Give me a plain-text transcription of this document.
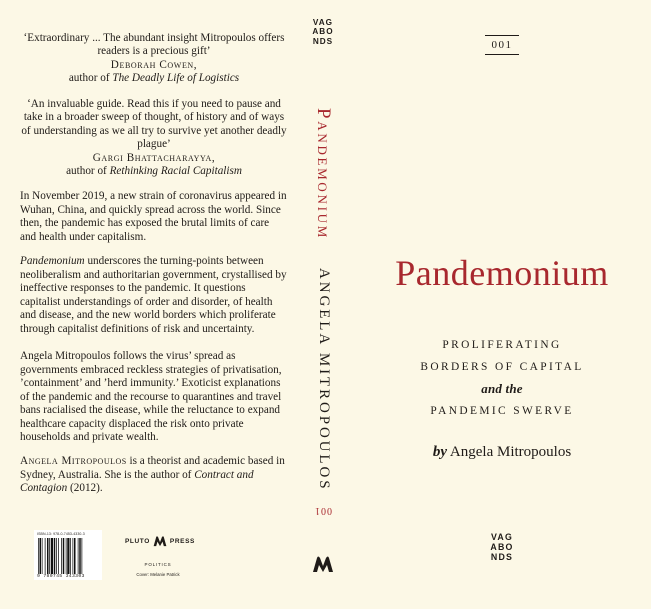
‘Extraordinary ... The abundant insight Mitropoulos offers readers is a precious gift’
Deborah Cowen,
author of The Deadly Life of Logistics
‘An invaluable guide. Read this if you need to pause and take in a broader sweep of thought, of history and of ways of understanding as we all try to survive yet another deadly plague’
Gargi Bhattacharayya,
author of Rethinking Racial Capitalism

In November 2019, a new strain of coronavirus appeared in Wuhan, China, and quickly spread across the world. Since then, the pandemic has exposed the brutal limits of care and health under capitalism.

Pandemonium underscores the turning-points between neoliberalism and authoritarian government, crystallised by ineffective responses to the pandemic. It questions capitalist understandings of order and disorder, of health and disease, and the new world borders which proliferate through capitalist definitions of risk and uncertainty.

Angela Mitropoulos follows the virus’ spread as governments embraced reckless strategies of privatisation, ’containment’ and ’herd immunity.’ Exoticist explanations of the pandemic and the recourse to quarantines and travel bans racialised the disease, while the reluctance to expand healthcare capacity displaced the risk onto private households and private wealth.

Angela Mitropoulos is a theorist and academic based in Sydney, Australia. She is the author of Contract and Contagion (2012).

ISBN-13: 978-0-7453-4330-3
9 780745 343303
PLUTO	PRESS
POLITICS
Cover: Melanie Patrick
VAG
ABO
NDS
Pandemonium
ANGELA MITROPOULOS
001
001
Pandemonium
PROLIFERATING
BORDERS OF CAPITAL
and the
PANDEMIC SWERVE
by Angela Mitropoulos
VAG
ABO
NDS
